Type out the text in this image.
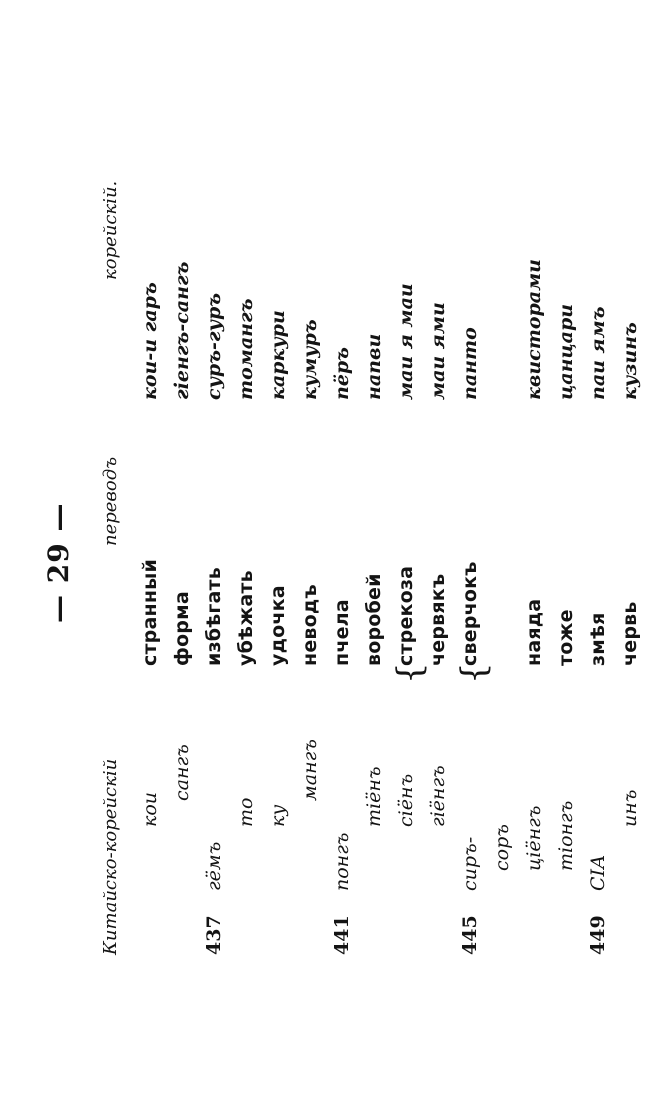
— 29 —
Китайско-корейскій
переводъ
корейскій.
кои
сангъ
437гёмъ
то ку
мангъ
441понгъ
тіёнъ сіёнъ гіёнгъ
445сиръ- соръ ціёнгъ тіонгъ
449СІА
инъ
{ {
странный форма избѣгать убѣжать удочка неводъ пчела воробей стрекоза червякъ сверчокъ наяда тоже змѣя червь
кои-и гаръ гіенгъ-сангъ суръ-гуръ томангъ каркури кумуръ пёръ напви маи я маи маи ями панто квисторами цанцари паи ямъ кузинъ
